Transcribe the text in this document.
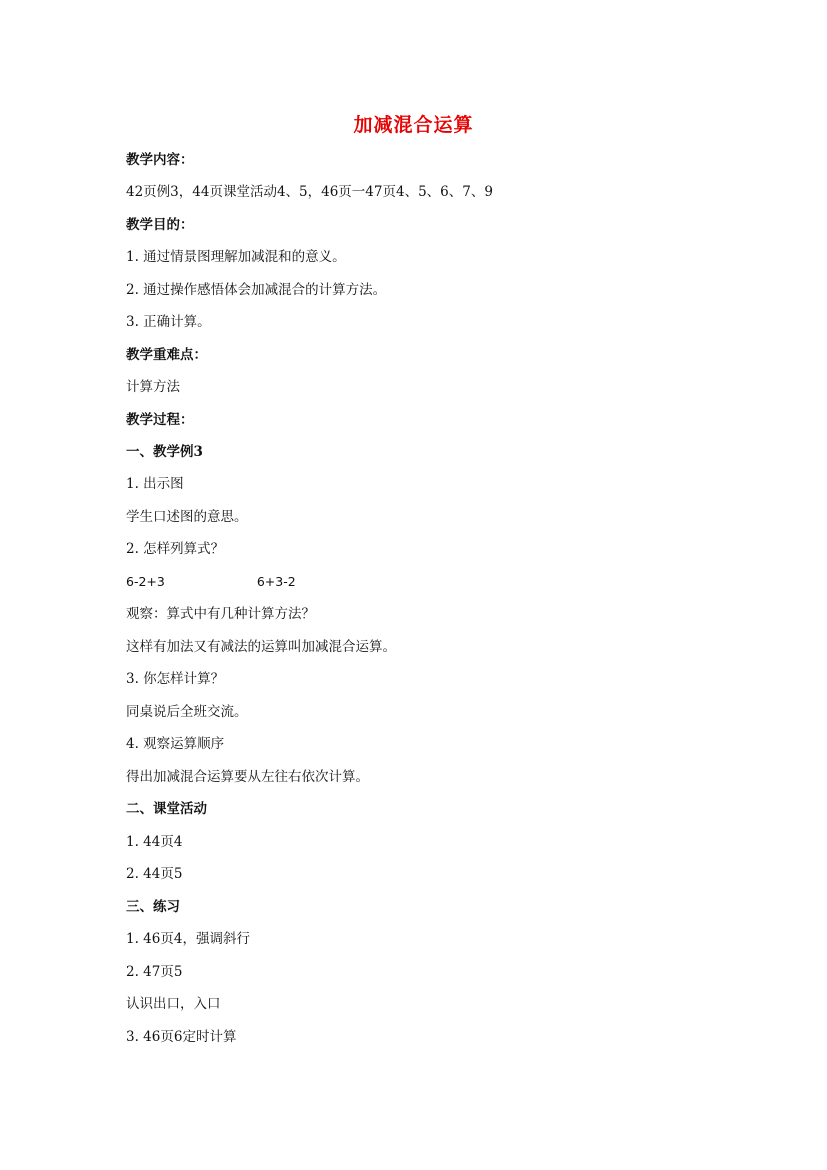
加减混合运算
教学内容：
42页例3，44页课堂活动4、5，46页一47页4、5、6、7、9
教学目的：
1. 通过情景图理解加减混和的意义。
2. 通过操作感悟体会加减混合的计算方法。
3. 正确计算。
教学重难点：
计算方法
教学过程：
一、教学例3
1. 出示图
学生口述图的意思。
2. 怎样列算式？
6-2+3	6+3-2
观察：算式中有几种计算方法？
这样有加法又有减法的运算叫加减混合运算。
3. 你怎样计算？
同桌说后全班交流。
4. 观察运算顺序
得出加减混合运算要从左往右依次计算。
二、课堂活动
1. 44页4
2. 44页5
三、练习
1. 46页4，强调斜行
2. 47页5
认识出口，入口
3. 46页6定时计算
